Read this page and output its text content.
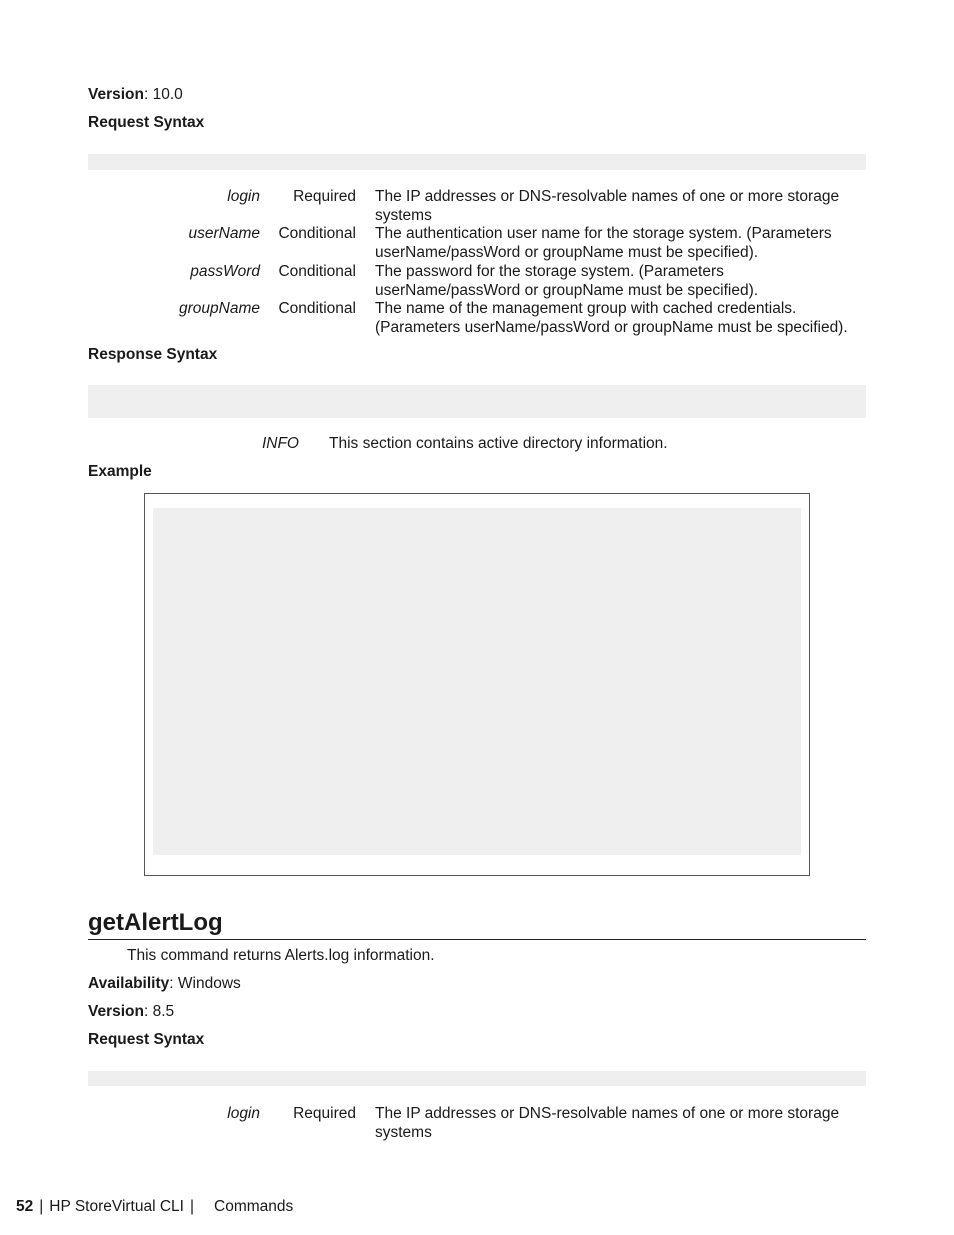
Version: 10.0
Request Syntax
login	Required The IP addresses or DNS-resolvable names of one or more storage systems
userName Conditional The authentication user name for the storage system. (Parameters userName/passWord or groupName must be specified).
passWord Conditional The password for the storage system. (Parameters userName/passWord or groupName must be specified).
groupName Conditional The name of the management group with cached credentials. (Parameters userName/passWord or groupName must be specified).
Response Syntax
INFO This section contains active directory information.
Example
getAlertLog
This command returns Alerts.log information.
Availability: Windows
Version: 8.5
Request Syntax
login	Required The IP addresses or DNS-resolvable names of one or more storage systems
52 | HP StoreVirtual CLI | Commands
